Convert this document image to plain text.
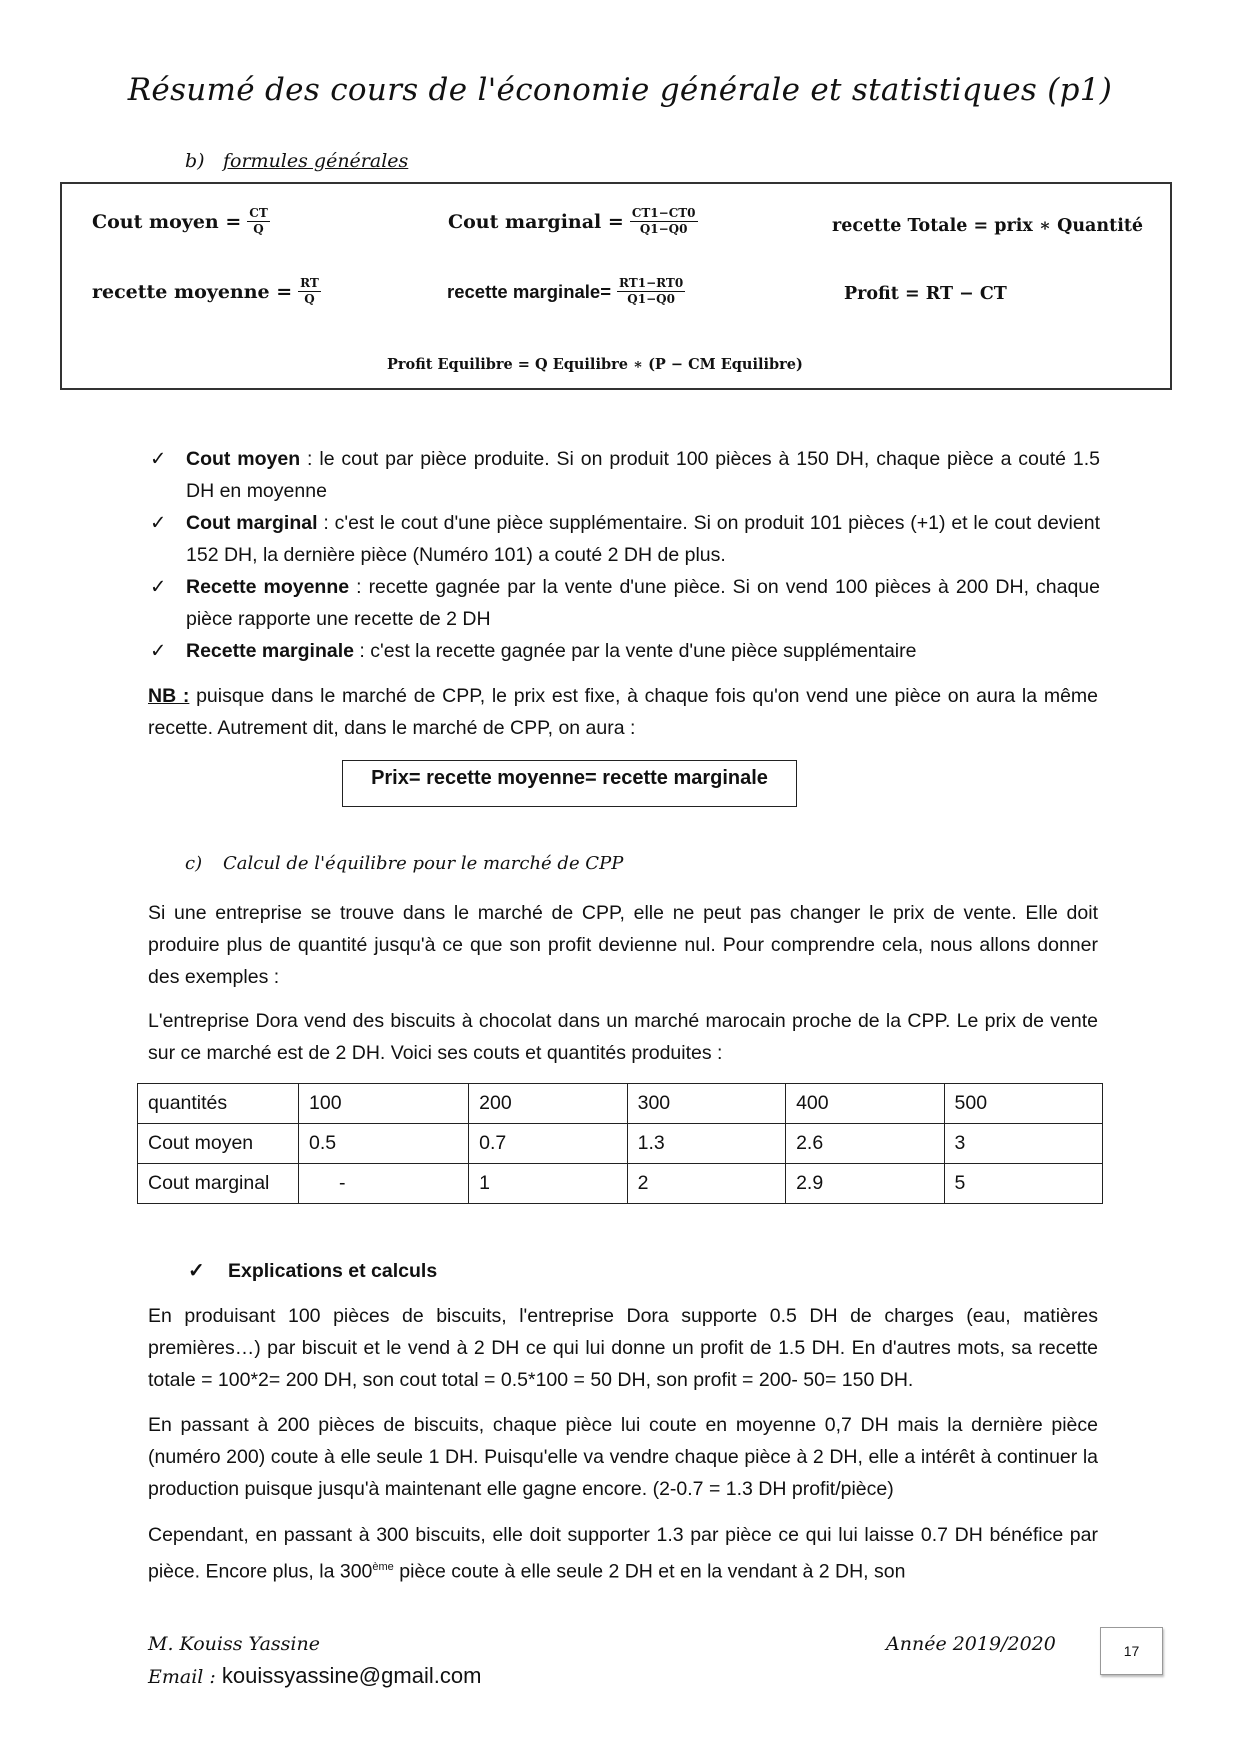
Résumé des cours de l'économie générale et statistiques (p1)
b) formules générales
Cout moyen = $\frac{CT}{Q}$	Cout marginal = $\frac{CT1-CT0}{Q1-Q0}$	recette Totale = prix ∗ Quantité
recette moyenne = $\frac{RT}{Q}$	recette marginale= $\frac{RT1-RT0}{Q1-Q0}$	Profit = RT − CT
Profit Equilibre = Q Equilibre ∗ (P − CM Equilibre)
✓ Cout moyen : le cout par pièce produite. Si on produit 100 pièces à 150 DH, chaque pièce a couté 1.5 DH en moyenne
✓ Cout marginal : c'est le cout d'une pièce supplémentaire. Si on produit 101 pièces (+1) et le cout devient 152 DH, la dernière pièce (Numéro 101) a couté 2 DH de plus.
✓ Recette moyenne : recette gagnée par la vente d'une pièce. Si on vend 100 pièces à 200 DH, chaque pièce rapporte une recette de 2 DH
✓ Recette marginale : c'est la recette gagnée par la vente d'une pièce supplémentaire
NB : puisque dans le marché de CPP, le prix est fixe, à chaque fois qu'on vend une pièce on aura la même recette. Autrement dit, dans le marché de CPP, on aura :
Prix= recette moyenne= recette marginale
c) Calcul de l'équilibre pour le marché de CPP
Si une entreprise se trouve dans le marché de CPP, elle ne peut pas changer le prix de vente. Elle doit produire plus de quantité jusqu'à ce que son profit devienne nul. Pour comprendre cela, nous allons donner des exemples :
L'entreprise Dora vend des biscuits à chocolat dans un marché marocain proche de la CPP. Le prix de vente sur ce marché est de 2 DH. Voici ses couts et quantités produites :
quantités	100	200	300	400	500
Cout moyen	0.5	0.7	1.3	2.6	3
Cout marginal	-	1	2	2.9	5
✓ Explications et calculs
En produisant 100 pièces de biscuits, l'entreprise Dora supporte 0.5 DH de charges (eau, matières premières…) par biscuit et le vend à 2 DH ce qui lui donne un profit de 1.5 DH. En d'autres mots, sa recette totale = 100*2= 200 DH, son cout total = 0.5*100 = 50 DH, son profit = 200- 50= 150 DH.
En passant à 200 pièces de biscuits, chaque pièce lui coute en moyenne 0,7 DH mais la dernière pièce (numéro 200) coute à elle seule 1 DH. Puisqu'elle va vendre chaque pièce à 2 DH, elle a intérêt à continuer la production puisque jusqu'à maintenant elle gagne encore. (2-0.7 = 1.3 DH profit/pièce)
Cependant, en passant à 300 biscuits, elle doit supporter 1.3 par pièce ce qui lui laisse 0.7 DH bénéfice par pièce. Encore plus, la 300ème pièce coute à elle seule 2 DH et en la vendant à 2 DH, son
M. Kouiss Yassine	Année 2019/2020
Email : kouissyassine@gmail.com
17
